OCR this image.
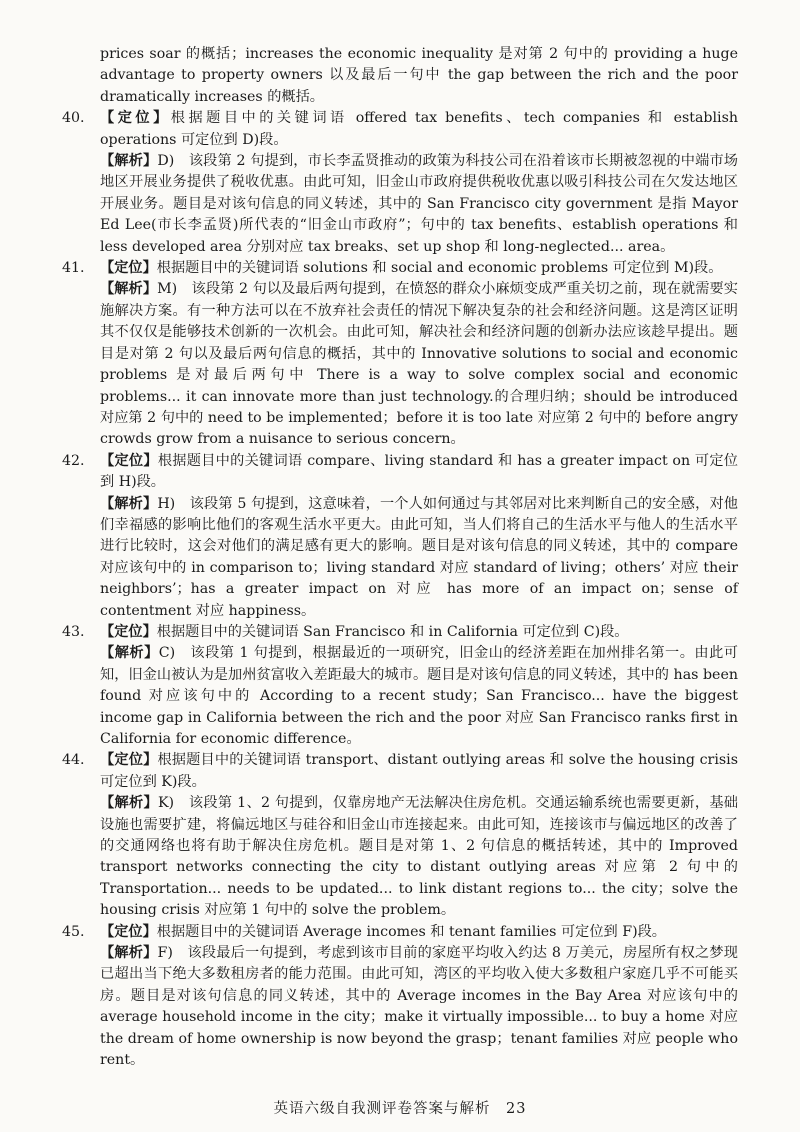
prices soar 的概括；increases the economic inequality 是对第 2 句中的 providing a huge advantage to property owners 以及最后一句中 the gap between the rich and the poor dramatically increases 的概括。

40. 【定位】根据题目中的关键词语 offered tax benefits、tech companies 和 establish operations 可定位到 D)段。

【解析】D)　该段第 2 句提到，市长李孟贤推动的政策为科技公司在沿着该市长期被忽视的中端市场地区开展业务提供了税收优惠。由此可知，旧金山市政府提供税收优惠以吸引科技公司在欠发达地区开展业务。题目是对该句信息的同义转述，其中的 San Francisco city government 是指 Mayor Ed Lee(市长李孟贤)所代表的“旧金山市政府”；句中的 tax benefits、establish operations 和 less developed area 分别对应 tax breaks、set up shop 和 long-neglected... area。

41. 【定位】根据题目中的关键词语 solutions 和 social and economic problems 可定位到 M)段。

【解析】M)　该段第 2 句以及最后两句提到，在愤怒的群众小麻烦变成严重关切之前，现在就需要实施解决方案。有一种方法可以在不放弃社会责任的情况下解决复杂的社会和经济问题。这是湾区证明其不仅仅是能够技术创新的一次机会。由此可知，解决社会和经济问题的创新办法应该趁早提出。题目是对第 2 句以及最后两句信息的概括，其中的 Innovative solutions to social and economic problems 是对最后两句中 There is a way to solve complex social and economic problems... it can innovate more than just technology.的合理归纳；should be introduced 对应第 2 句中的 need to be implemented；before it is too late 对应第 2 句中的 before angry crowds grow from a nuisance to serious concern。

42. 【定位】根据题目中的关键词语 compare、living standard 和 has a greater impact on 可定位到 H)段。

【解析】H)　该段第 5 句提到，这意味着，一个人如何通过与其邻居对比来判断自己的安全感，对他们幸福感的影响比他们的客观生活水平更大。由此可知，当人们将自己的生活水平与他人的生活水平进行比较时，这会对他们的满足感有更大的影响。题目是对该句信息的同义转述，其中的 compare 对应该句中的 in comparison to；living standard 对应 standard of living；others’ 对应 their neighbors’；has a greater impact on 对应 has more of an impact on；sense of contentment 对应 happiness。

43. 【定位】根据题目中的关键词语 San Francisco 和 in California 可定位到 C)段。

【解析】C)　该段第 1 句提到，根据最近的一项研究，旧金山的经济差距在加州排名第一。由此可知，旧金山被认为是加州贫富收入差距最大的城市。题目是对该句信息的同义转述，其中的 has been found 对应该句中的 According to a recent study；San Francisco... have the biggest income gap in California between the rich and the poor 对应 San Francisco ranks first in California for economic difference。

44. 【定位】根据题目中的关键词语 transport、distant outlying areas 和 solve the housing crisis 可定位到 K)段。

【解析】K)　该段第 1、2 句提到，仅靠房地产无法解决住房危机。交通运输系统也需要更新，基础设施也需要扩建，将偏远地区与硅谷和旧金山市连接起来。由此可知，连接该市与偏远地区的改善了的交通网络也将有助于解决住房危机。题目是对第 1、2 句信息的概括转述，其中的 Improved transport networks connecting the city to distant outlying areas 对应第 2 句中的 Transportation... needs to be updated... to link distant regions to... the city；solve the housing crisis 对应第 1 句中的 solve the problem。

45. 【定位】根据题目中的关键词语 Average incomes 和 tenant families 可定位到 F)段。

【解析】F)　该段最后一句提到，考虑到该市目前的家庭平均收入约达 8 万美元，房屋所有权之梦现已超出当下绝大多数租房者的能力范围。由此可知，湾区的平均收入使大多数租户家庭几乎不可能买房。题目是对该句信息的同义转述，其中的 Average incomes in the Bay Area 对应该句中的 average household income in the city；make it virtually impossible... to buy a home 对应 the dream of home ownership is now beyond the grasp；tenant families 对应 people who rent。

英语六级自我测评卷答案与解析　23
